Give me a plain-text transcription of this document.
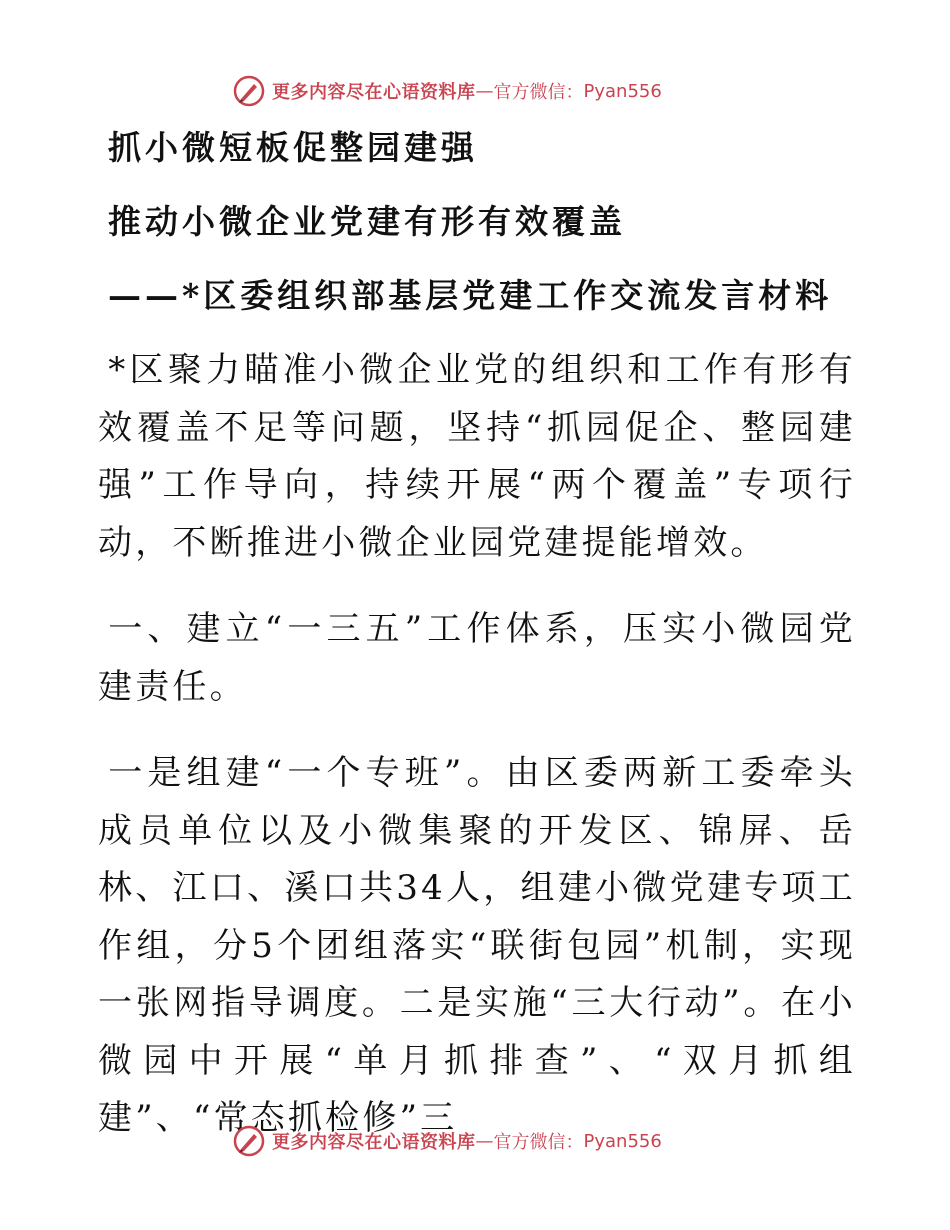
更多内容尽在心语资料库 — 官方微信： Pyan556
抓小微短板促整园建强
推动小微企业党建有形有效覆盖
——*区委组织部基层党建工作交流发言材料

*区聚力瞄准小微企业党的组织和工作有形有效覆盖不足等问题，坚持“抓园促企、整园建强”工作导向，持续开展“两个覆盖”专项行动，不断推进小微企业园党建提能增效。

一、建立“一三五”工作体系，压实小微园党建责任。

一是组建“一个专班”。由区委两新工委牵头成员单位以及小微集聚的开发区、锦屏、岳林、江口、溪口共34人，组建小微党建专项工作组，分5个团组落实“联街包园”机制，实现一张网指导调度。二是实施“三大行动”。在小微园中开展“单月抓排查”、“双月抓组建”、“常态抓检修”三

更多内容尽在心语资料库 — 官方微信： Pyan556
